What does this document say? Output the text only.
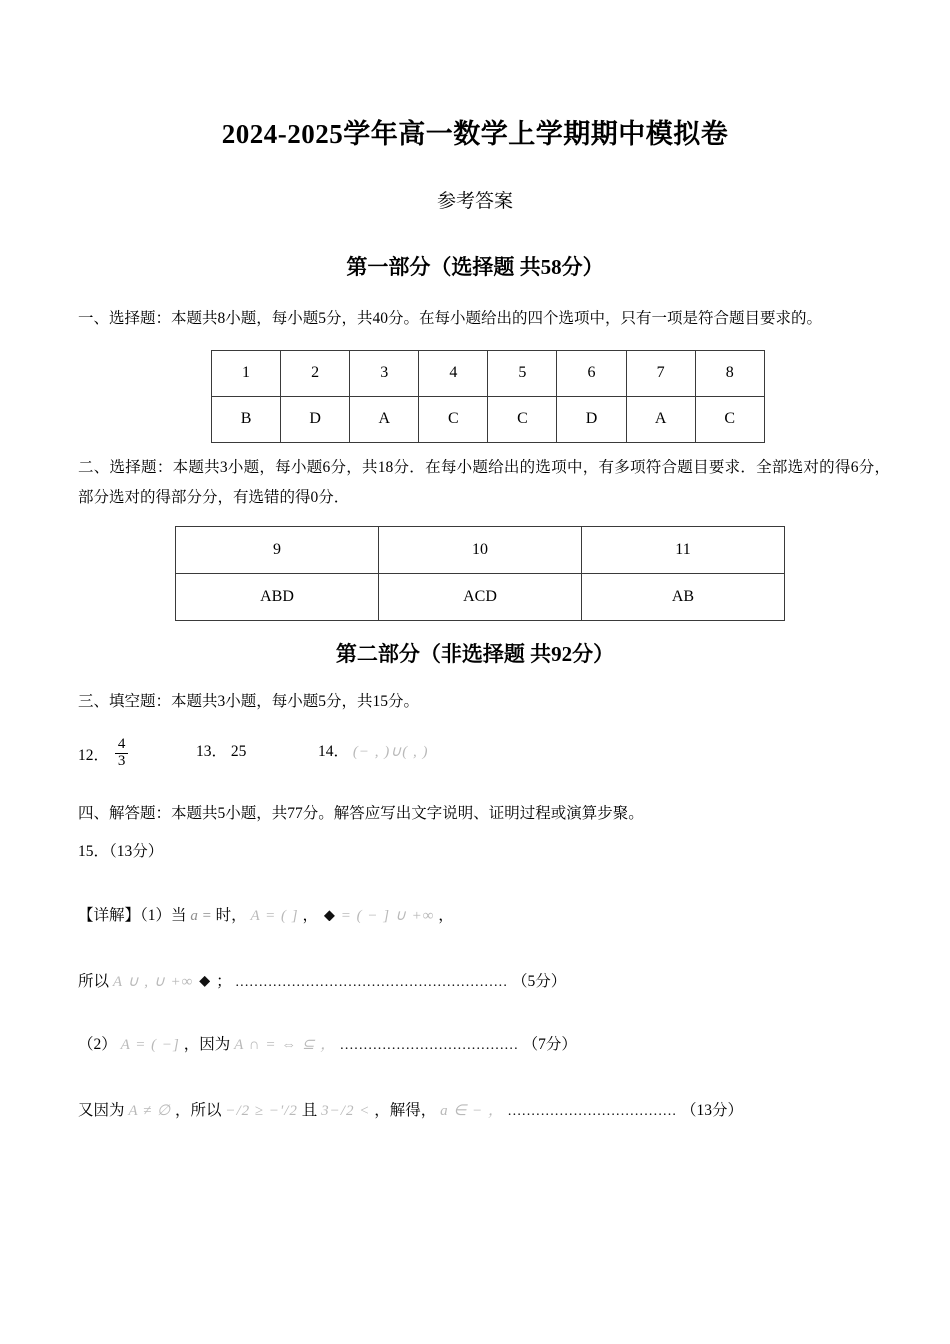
2024-2025学年高一数学上学期期中模拟卷
参考答案
第一部分（选择题 共58分）

一、选择题：本题共8小题，每小题5分，共40分。在每小题给出的四个选项中，只有一项是符合题目要求的。

1	2	3	4	5	6	7	8
B	D	A	C	C	D	A	C

二、选择题：本题共3小题，每小题6分，共18分．在每小题给出的选项中，有多项符合题目要求．全部选对的得6分，部分选对的得部分分，有选错的得0分．

9	10	11
ABD	ACD	AB
第二部分（非选择题 共92分）

三、填空题：本题共3小题，每小题5分，共15分。

12． $\frac{4}{3}$	13． 25	14． (− , )∪( , )

四、解答题：本题共5小题，共77分。解答应写出文字说明、证明过程或演算步聚。

15．（13分）

【详解】（1）当 a = 时， A = ( ] ， = ( − ] ∪ +∞ ，
所以 A ∪ , ∪ +∞ ； .......................................................... （5分）
（2） A = ( −] ，因为 A ∩ = ⇔ ⊆ ， ...................................... （7分）
又因为 A ≠ ∅ ，所以 −/2 ≥ −'/2 且 3−/2 < ，解得， a ∈ − ， .................................... （13分）
